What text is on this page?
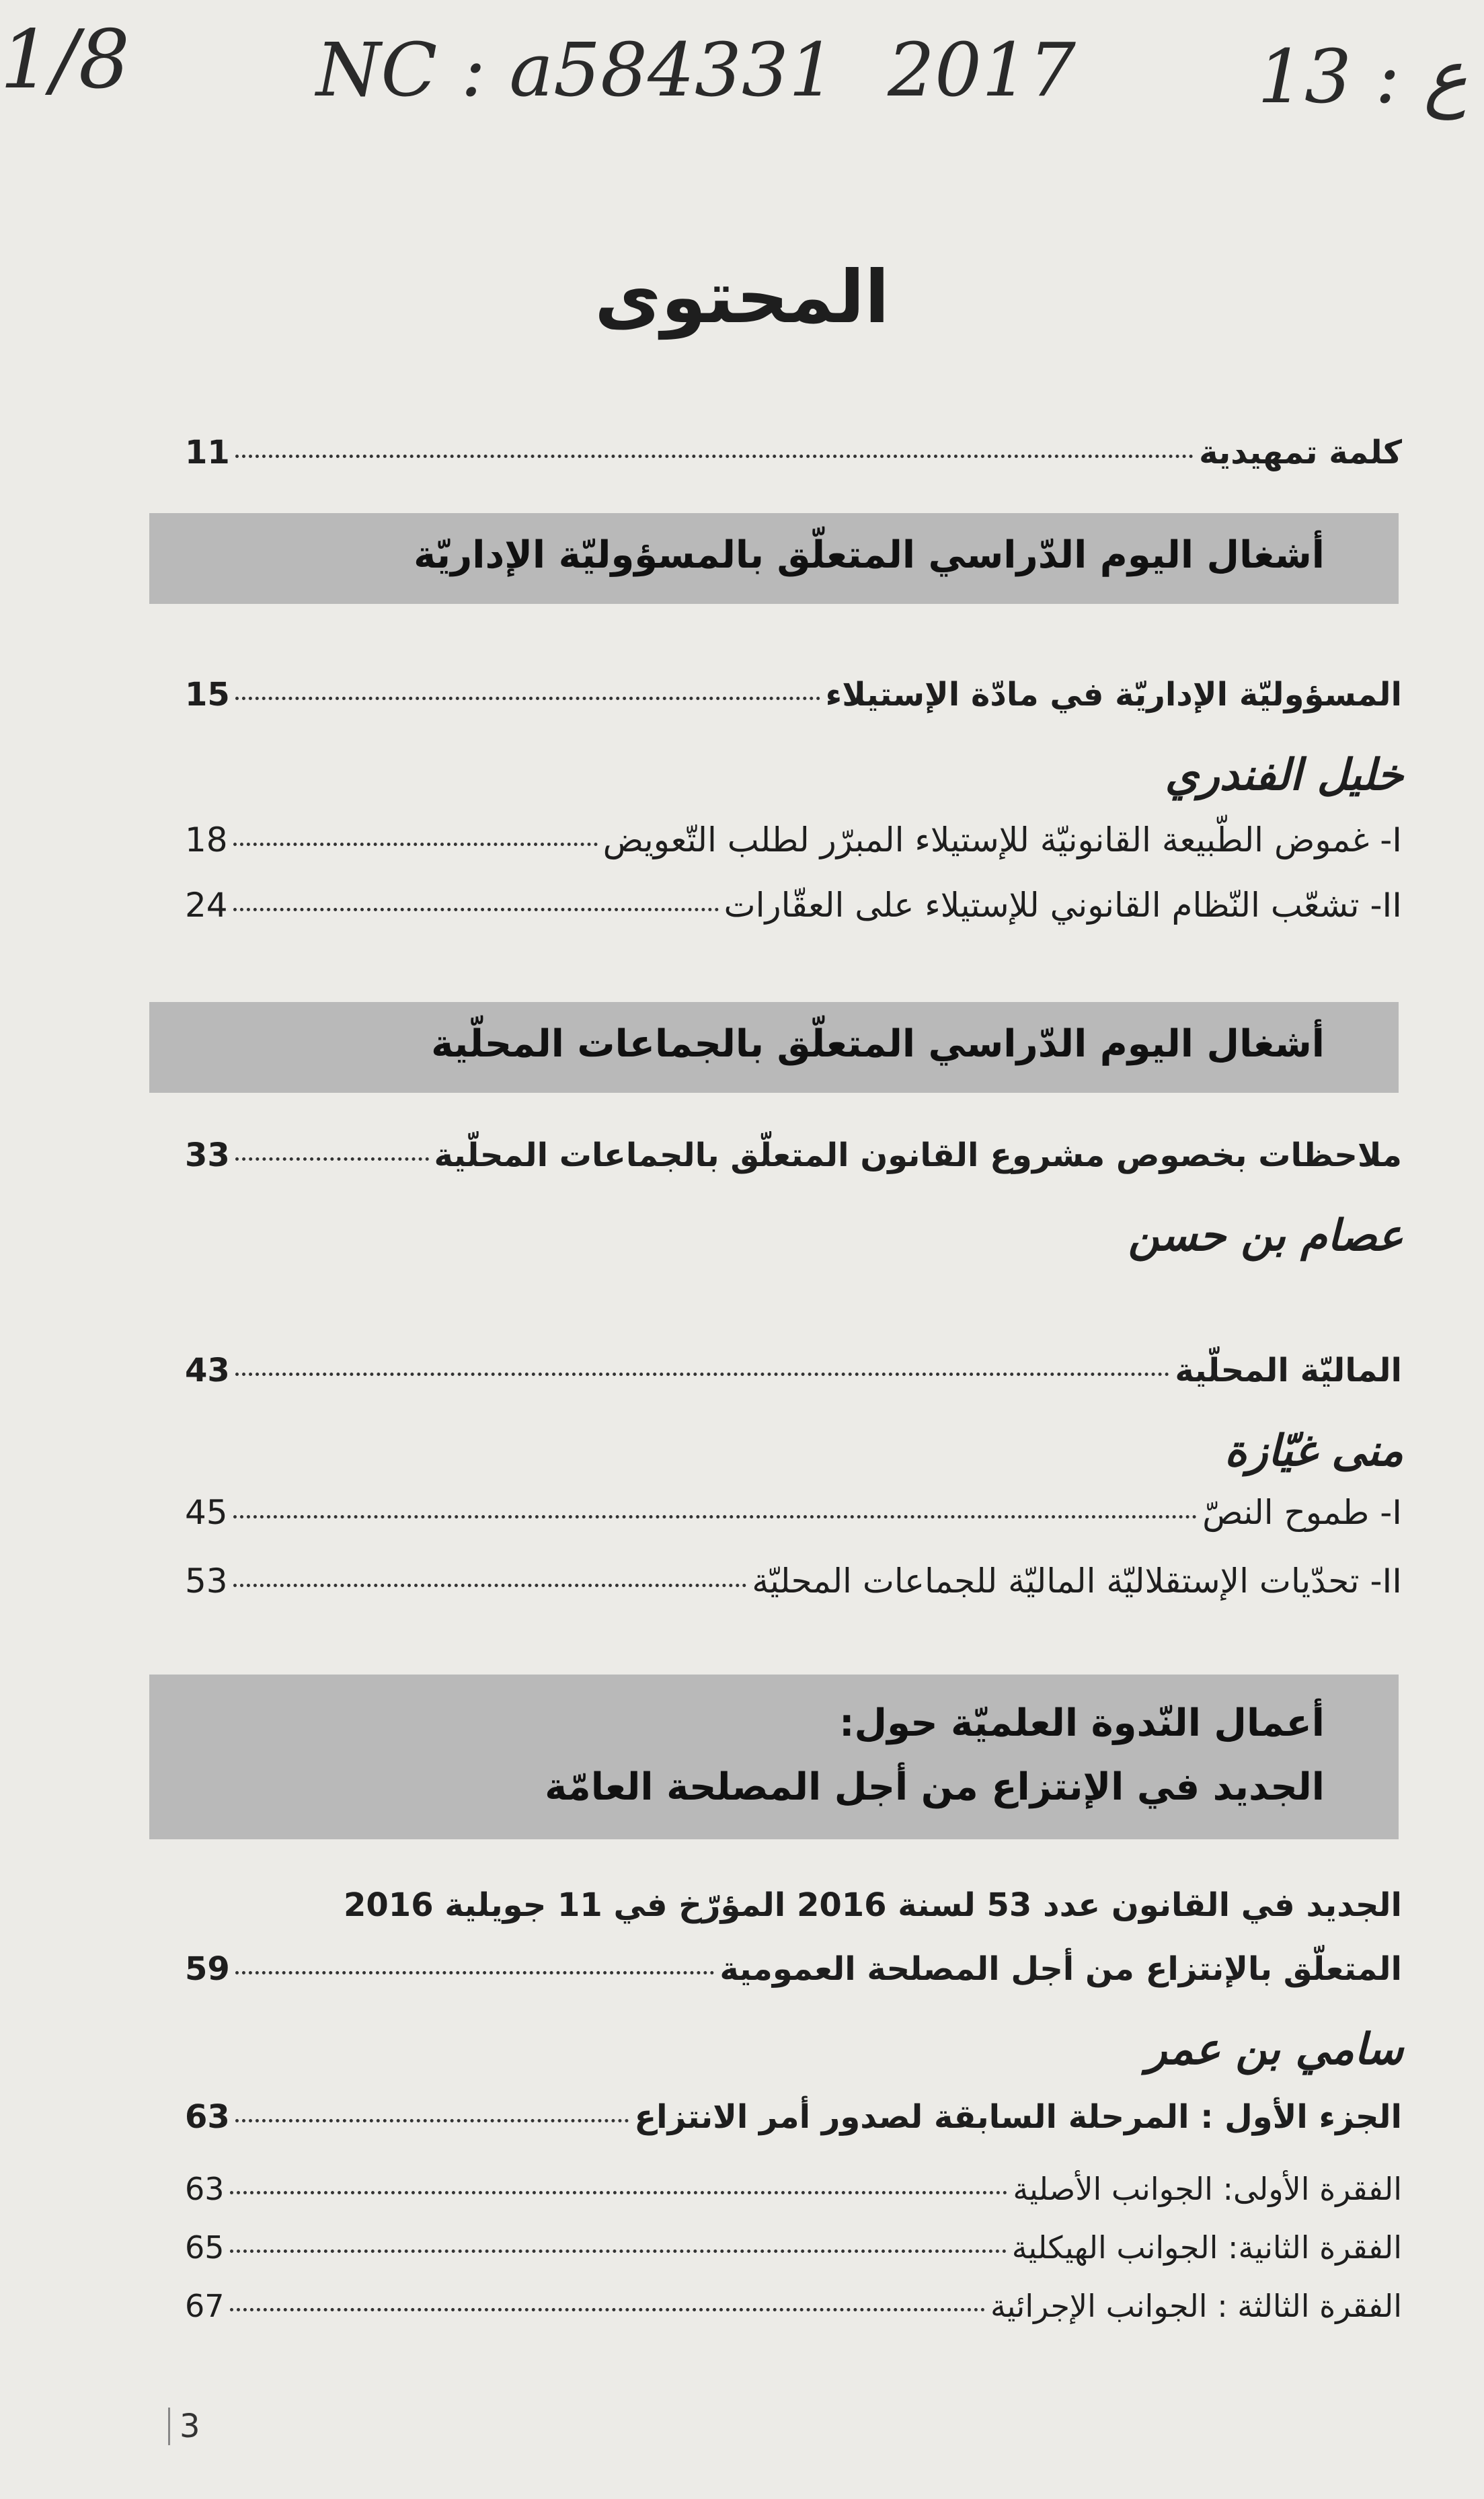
1/8	NC : a584331 2017 13 : ع
المحتوى
كلمة تمهيدية
11
أشغال اليوم الدّراسي المتعلّق بالمسؤوليّة الإداريّة
المسؤوليّة الإداريّة في مادّة الإستيلاء
15
خليل الفندري
I- غموض الطّبيعة القانونيّة للإستيلاء المبرّر لطلب التّعويض
18
II- تشعّب النّظام القانوني للإستيلاء على العقّارات
24
أشغال اليوم الدّراسي المتعلّق بالجماعات المحلّية
ملاحظات بخصوص مشروع القانون المتعلّق بالجماعات المحلّية
33
عصام بن حسن
الماليّة المحلّية
43
منى غيّازة
I- طموح النصّ
45
II- تحدّيات الإستقلاليّة الماليّة للجماعات المحليّة
53
أعمال النّدوة العلميّة حول:
الجديد في الإنتزاع من أجل المصلحة العامّة
الجديد في القانون عدد 53 لسنة 2016 المؤرّخ في 11 جويلية 2016
المتعلّق بالإنتزاع من أجل المصلحة العمومية
59
سامي بن عمر
الجزء الأول : المرحلة السابقة لصدور أمر الانتزاع
63
الفقرة الأولى: الجوانب الأصلية
63
الفقرة الثانية: الجوانب الهيكلية
65
الفقرة الثالثة : الجوانب الإجرائية
67
3
